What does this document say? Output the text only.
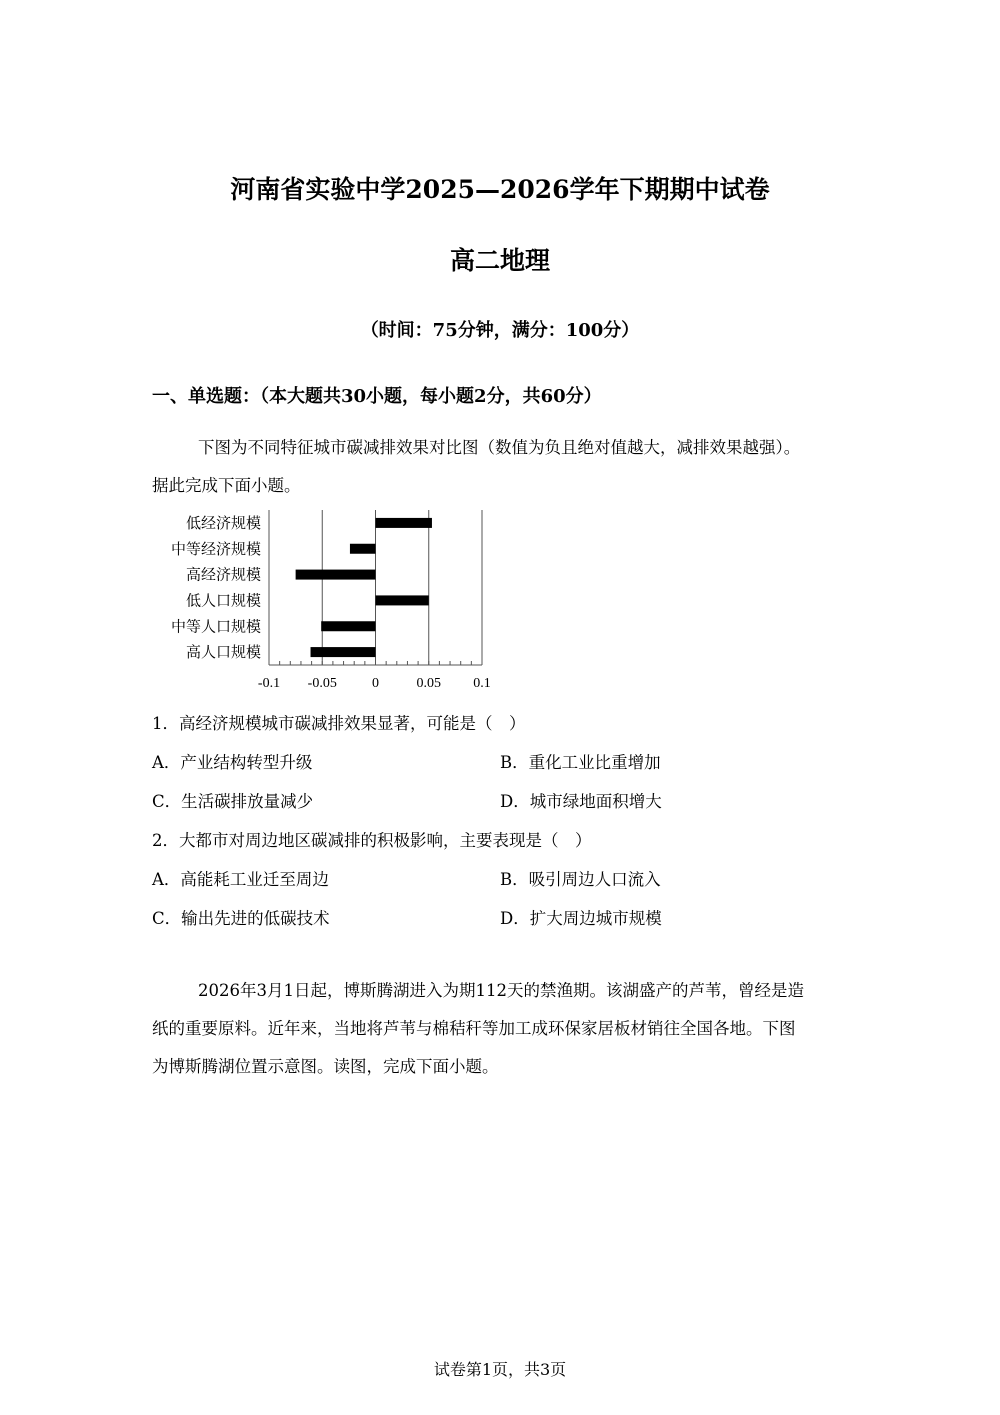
河南省实验中学2025—2026学年下期期中试卷
高二地理
（时间：75分钟，满分：100分）
一、单选题：（本大题共30小题，每小题2分，共60分）
下图为不同特征城市碳减排效果对比图（数值为负且绝对值越大，减排效果越强）。
据此完成下面小题。
低经济规模
中等经济规模
高经济规模
低人口规模
中等人口规模
高人口规模
-0.1 -0.05	0	0.05 0.1
1．高经济规模城市碳减排效果显著，可能是（　）
A．产业结构转型升级	B．重化工业比重增加
C．生活碳排放量减少	D．城市绿地面积增大
2．大都市对周边地区碳减排的积极影响，主要表现是（　）
A．高能耗工业迁至周边	B．吸引周边人口流入
C．输出先进的低碳技术	D．扩大周边城市规模
2026年3月1日起，博斯腾湖进入为期112天的禁渔期。该湖盛产的芦苇，曾经是造
纸的重要原料。近年来，当地将芦苇与棉秸秆等加工成环保家居板材销往全国各地。下图
为博斯腾湖位置示意图。读图，完成下面小题。
试卷第1页，共3页
